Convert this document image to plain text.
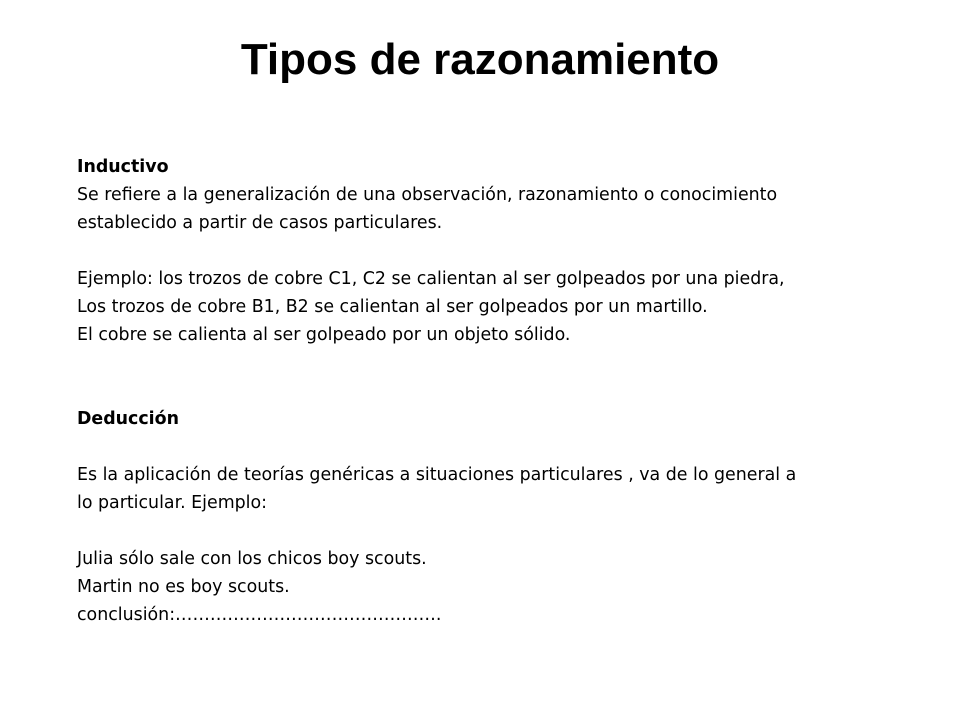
Tipos de razonamiento
Inductivo
Se refiere a la generalización de una observación, razonamiento o conocimiento
establecido a partir de casos particulares.
Ejemplo: los trozos de cobre C1, C2 se calientan al ser golpeados por una piedra,
Los trozos de cobre B1, B2 se calientan al ser golpeados por un martillo.
El cobre se calienta al ser golpeado por un objeto sólido.
Deducción
Es la aplicación de teorías genéricas a situaciones particulares , va de lo general a
lo particular. Ejemplo:
Julia sólo sale con los chicos boy scouts.
Martin no es boy scouts.
conclusión:……………………………………….
